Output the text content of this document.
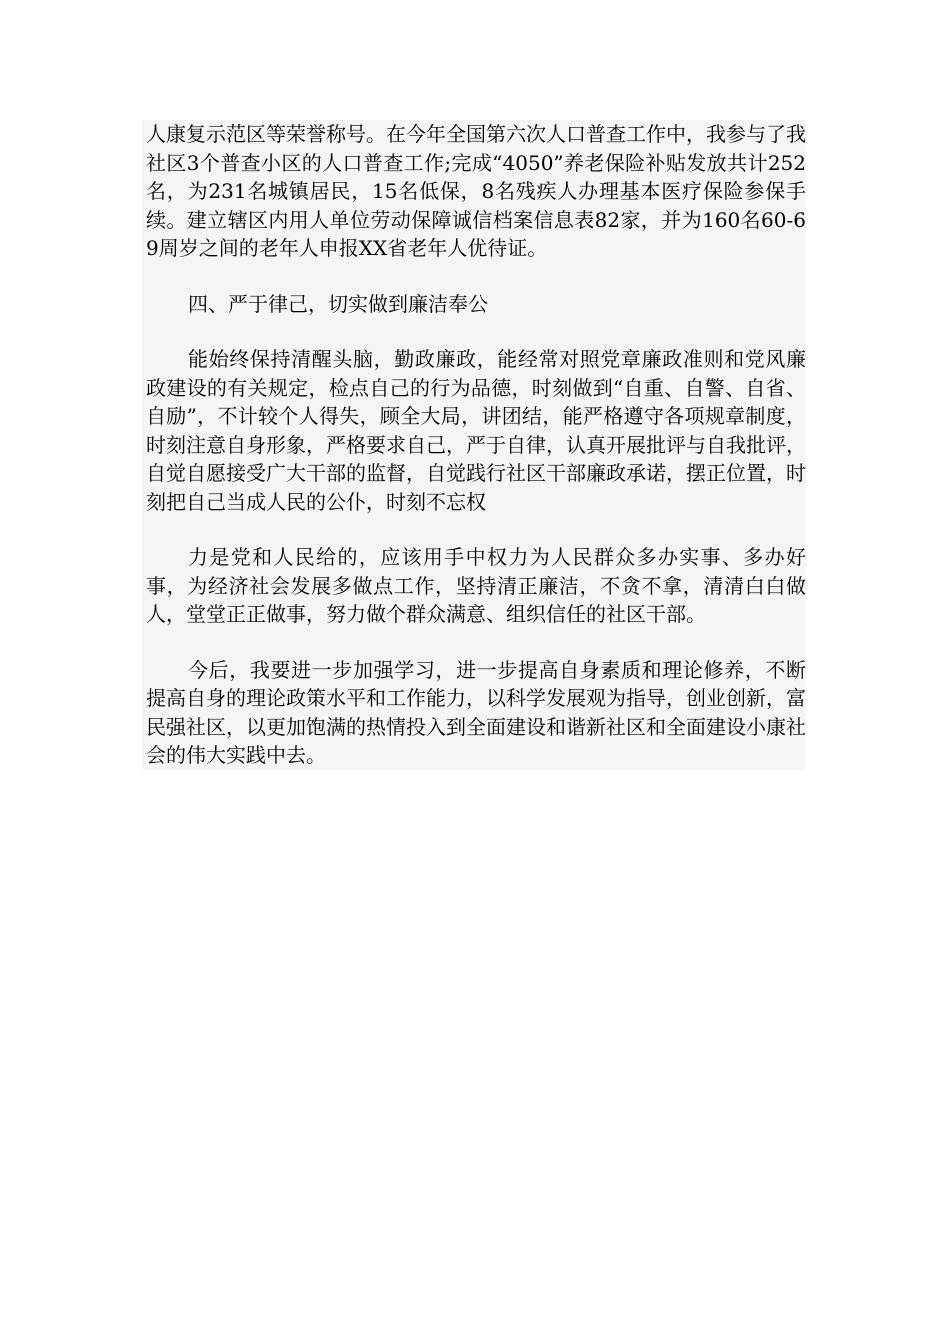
人康复示范区等荣誉称号。在今年全国第六次人口普查工作中，我参与了我社区3个普查小区的人口普查工作;完成“4050”养老保险补贴发放共计252名，为231名城镇居民，15名低保，8名残疾人办理基本医疗保险参保手续。建立辖区内用人单位劳动保障诚信档案信息表82家，并为160名60-69周岁之间的老年人申报XX省老年人优待证。

四、严于律己，切实做到廉洁奉公

能始终保持清醒头脑，勤政廉政，能经常对照党章廉政准则和党风廉政建设的有关规定，检点自己的行为品德，时刻做到“自重、自警、自省、自励”，不计较个人得失，顾全大局，讲团结，能严格遵守各项规章制度，时刻注意自身形象，严格要求自己，严于自律，认真开展批评与自我批评，自觉自愿接受广大干部的监督，自觉践行社区干部廉政承诺，摆正位置，时刻把自己当成人民的公仆，时刻不忘权

力是党和人民给的，应该用手中权力为人民群众多办实事、多办好事，为经济社会发展多做点工作，坚持清正廉洁，不贪不拿，清清白白做人，堂堂正正做事，努力做个群众满意、组织信任的社区干部。

今后，我要进一步加强学习，进一步提高自身素质和理论修养，不断提高自身的理论政策水平和工作能力，以科学发展观为指导，创业创新，富民强社区，以更加饱满的热情投入到全面建设和谐新社区和全面建设小康社会的伟大实践中去。
